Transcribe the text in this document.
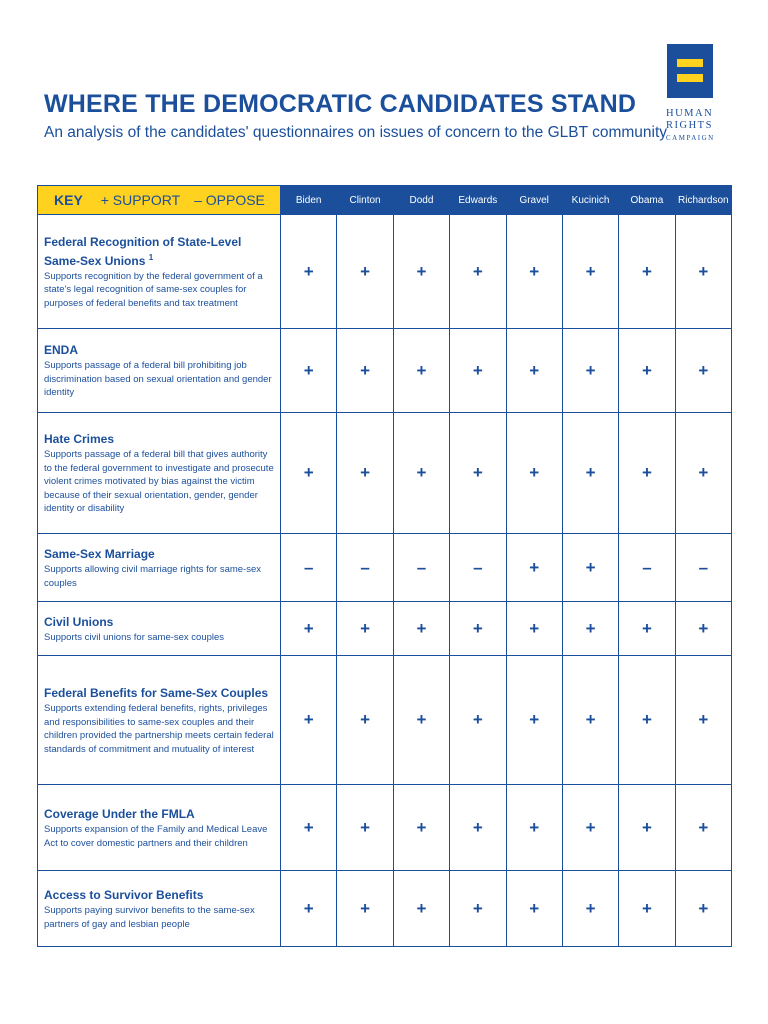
WHERE THE DEMOCRATIC CANDIDATES STAND

An analysis of the candidates' questionnaires on issues of concern to the GLBT community

HUMAN
RIGHTS
CAMPAIGN
KEY + SUPPORT – OPPOSE	Biden	Clinton	Dodd	Edwards	Gravel	Kucinich	Obama	Richardson

Federal Recognition of State-Level Same-Sex Unions $^1$
Supports recognition by the federal government of a state's legal recognition of same-sex couples for purposes of federal benefits and tax treatment	+	+	+	+	+	+	+	+

ENDA
Supports passage of a federal bill prohibiting job discrimination based on sexual orientation and gender identity	+	+	+	+	+	+	+	+

Hate Crimes
Supports passage of a federal bill that gives authority to the federal government to investigate and prosecute violent crimes motivated by bias against the victim because of their sexual orientation, gender, gender identity or disability	+	+	+	+	+	+	+	+

Same-Sex Marriage
Supports allowing civil marriage rights for same-sex couples	–	–	–	–	+	+	–	–

Civil Unions
Supports civil unions for same-sex couples	+	+	+	+	+	+	+	+

Federal Benefits for Same-Sex Couples
Supports extending federal benefits, rights, privileges and responsibilities to same-sex couples and their children provided the partnership meets certain federal standards of commitment and mutuality of interest	+	+	+	+	+	+	+	+

Coverage Under the FMLA
Supports expansion of the Family and Medical Leave Act to cover domestic partners and their children	+	+	+	+	+	+	+	+

Access to Survivor Benefits
Supports paying survivor benefits to the same-sex partners of gay and lesbian people	+	+	+	+	+	+	+	+
